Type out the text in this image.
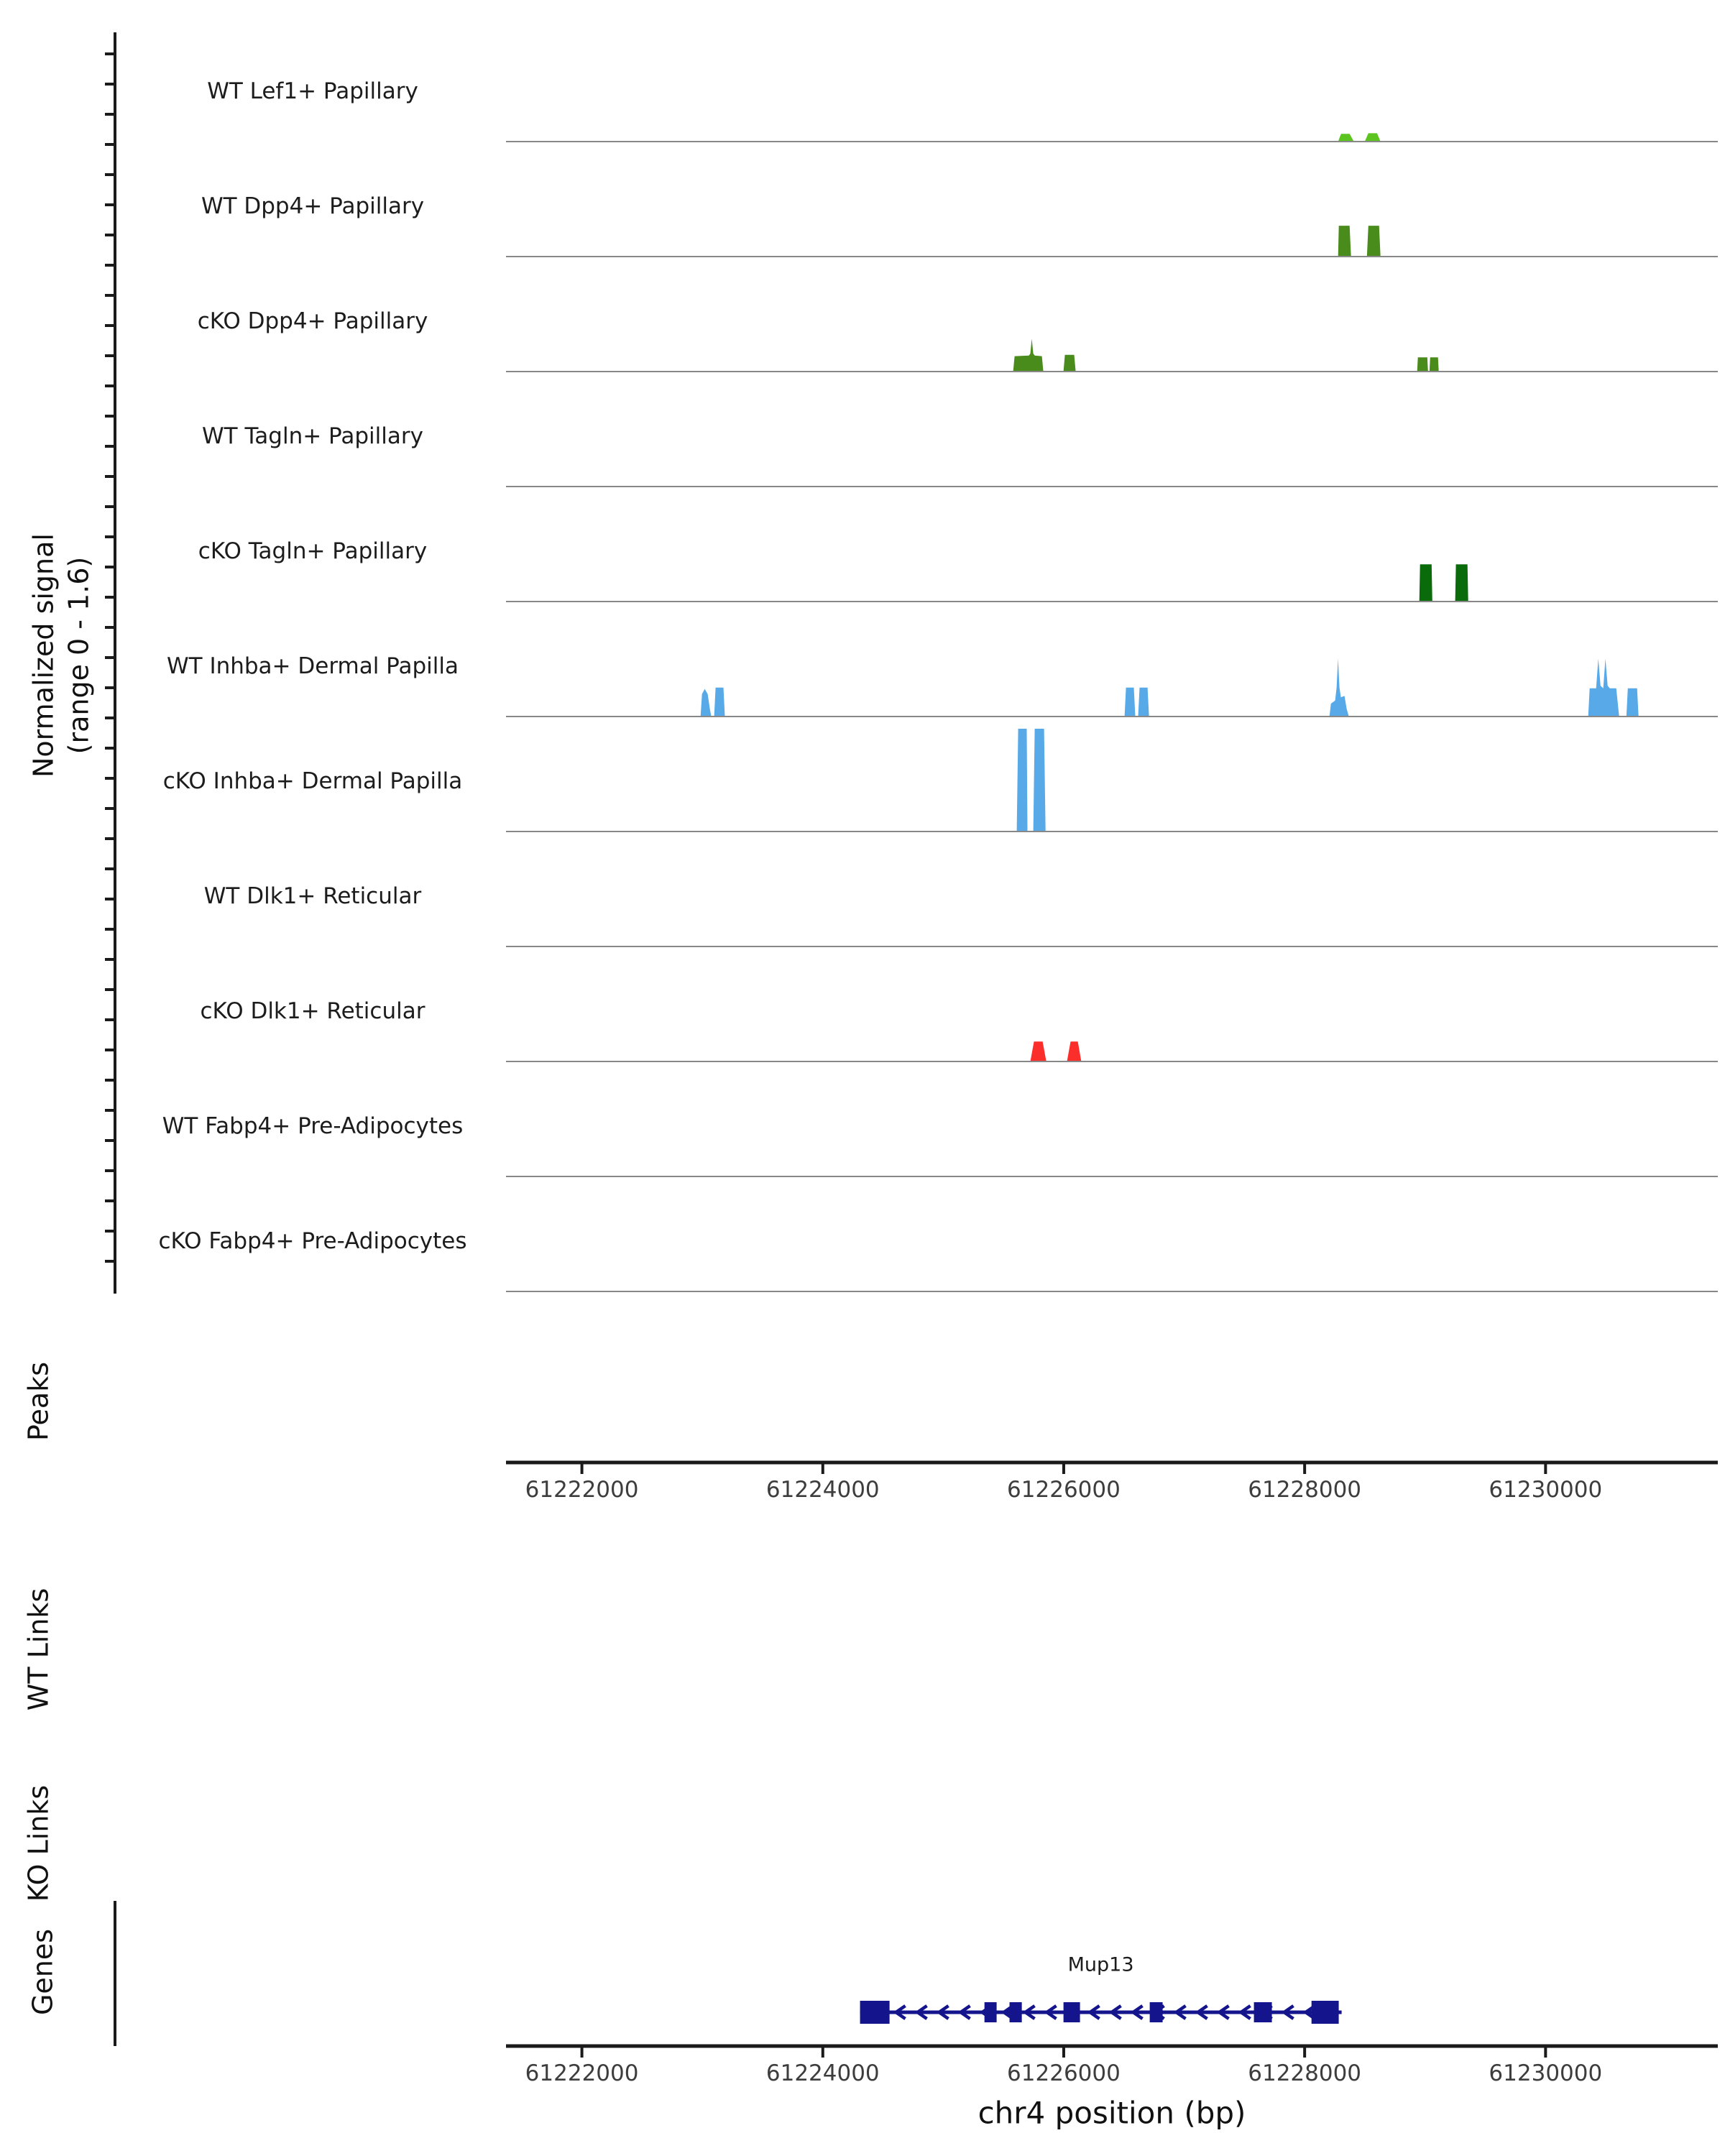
Normalized signal (range 0 - 1.6)
Peaks
WT Links
KO Links
Genes
chr4 position (bp)
WT Lef1+ Papillary
WT Dpp4+ Papillary
cKO Dpp4+ Papillary
WT Tagln+ Papillary
cKO Tagln+ Papillary
WT Inhba+ Dermal Papilla
cKO Inhba+ Dermal Papilla
WT Dlk1+ Reticular
cKO Dlk1+ Reticular
WT Fabp4+ Pre-Adipocytes
cKO Fabp4+ Pre-Adipocytes
61222000	61224000	61226000	61228000	61230000
61222000	61224000	61226000	61228000	61230000
Mup13
